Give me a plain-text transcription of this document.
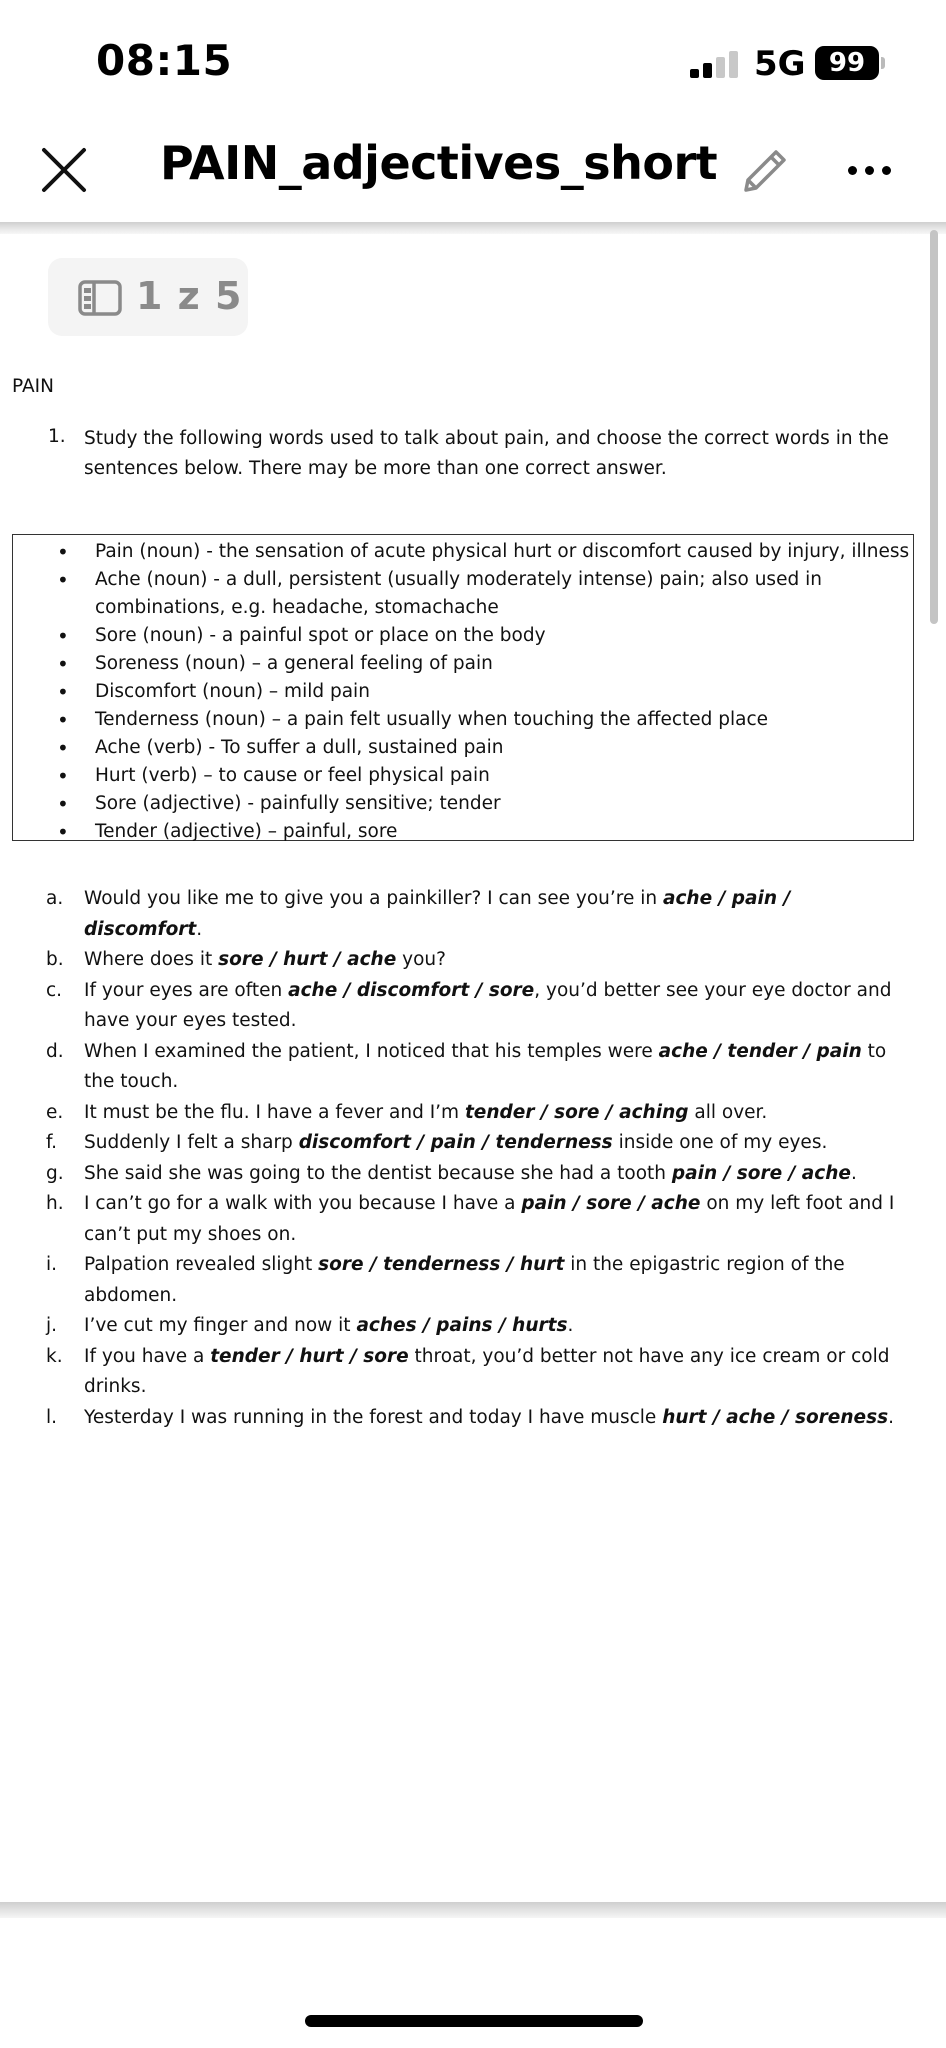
08:15	5G 99
PAIN_adjectives_short
1 z 5
PAIN
1. Study the following words used to talk about pain, and choose the correct words in the sentences below. There may be more than one correct answer.
• Pain (noun) - the sensation of acute physical hurt or discomfort caused by injury, illness
• Ache (noun) - a dull, persistent (usually moderately intense) pain; also used in combinations, e.g. headache, stomachache
• Sore (noun) - a painful spot or place on the body
• Soreness (noun) – a general feeling of pain
• Discomfort (noun) – mild pain
• Tenderness (noun) – a pain felt usually when touching the affected place
• Ache (verb) - To suffer a dull, sustained pain
• Hurt (verb) – to cause or feel physical pain
• Sore (adjective) - painfully sensitive; tender
• Tender (adjective) – painful, sore
a. Would you like me to give you a painkiller? I can see you’re in ache / pain / discomfort.
b. Where does it sore / hurt / ache you?
c. If your eyes are often ache / discomfort / sore, you’d better see your eye doctor and have your eyes tested.
d. When I examined the patient, I noticed that his temples were ache / tender / pain to the touch.
e. It must be the flu. I have a fever and I’m tender / sore / aching all over.
f. Suddenly I felt a sharp discomfort / pain / tenderness inside one of my eyes.
g. She said she was going to the dentist because she had a tooth pain / sore / ache.
h. I can’t go for a walk with you because I have a pain / sore / ache on my left foot and I can’t put my shoes on.
i. Palpation revealed slight sore / tenderness / hurt in the epigastric region of the abdomen.
j. I’ve cut my finger and now it aches / pains / hurts.
k. If you have a tender / hurt / sore throat, you’d better not have any ice cream or cold drinks.
l. Yesterday I was running in the forest and today I have muscle hurt / ache / soreness.
